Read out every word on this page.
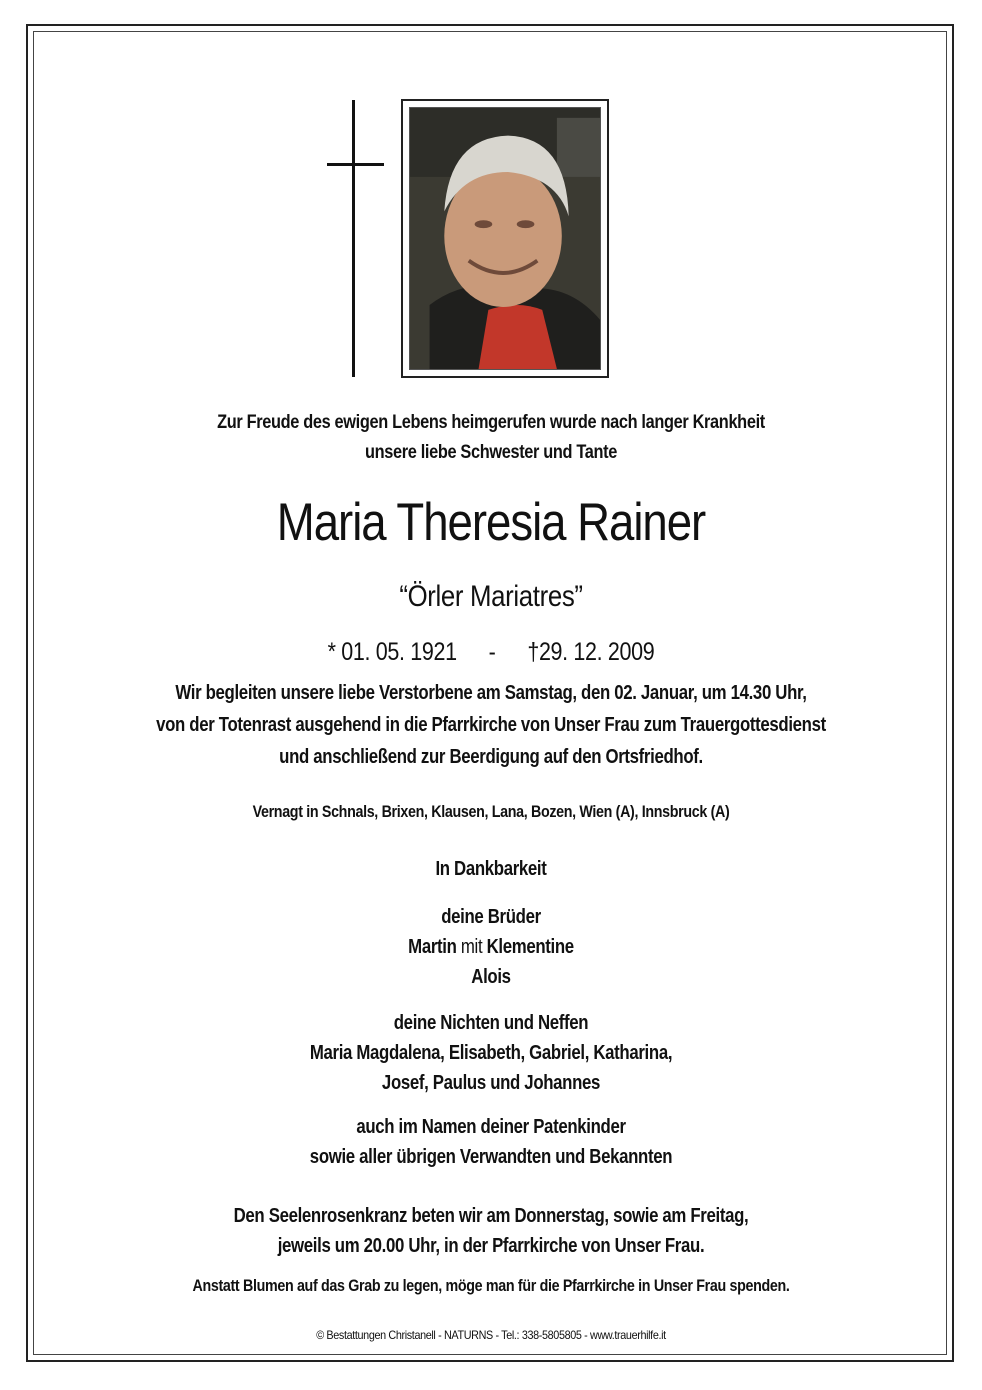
Zur Freude des ewigen Lebens heimgerufen wurde nach langer Krankheit
unsere liebe Schwester und Tante
Maria Theresia Rainer
“Örler Mariatres”
* 01. 05. 1921 - †29. 12. 2009
Wir begleiten unsere liebe Verstorbene am Samstag, den 02. Januar, um 14.30 Uhr,
von der Totenrast ausgehend in die Pfarrkirche von Unser Frau zum Trauergottesdienst
und anschließend zur Beerdigung auf den Ortsfriedhof.
Vernagt in Schnals, Brixen, Klausen, Lana, Bozen, Wien (A), Innsbruck (A)
In Dankbarkeit
deine Brüder
Martin mit Klementine
Alois
deine Nichten und Neffen
Maria Magdalena, Elisabeth, Gabriel, Katharina,
Josef, Paulus und Johannes
auch im Namen deiner Patenkinder
sowie aller übrigen Verwandten und Bekannten
Den Seelenrosenkranz beten wir am Donnerstag, sowie am Freitag,
jeweils um 20.00 Uhr, in der Pfarrkirche von Unser Frau.
Anstatt Blumen auf das Grab zu legen, möge man für die Pfarrkirche in Unser Frau spenden.
© Bestattungen Christanell - NATURNS - Tel.: 338-5805805 - www.trauerhilfe.it
